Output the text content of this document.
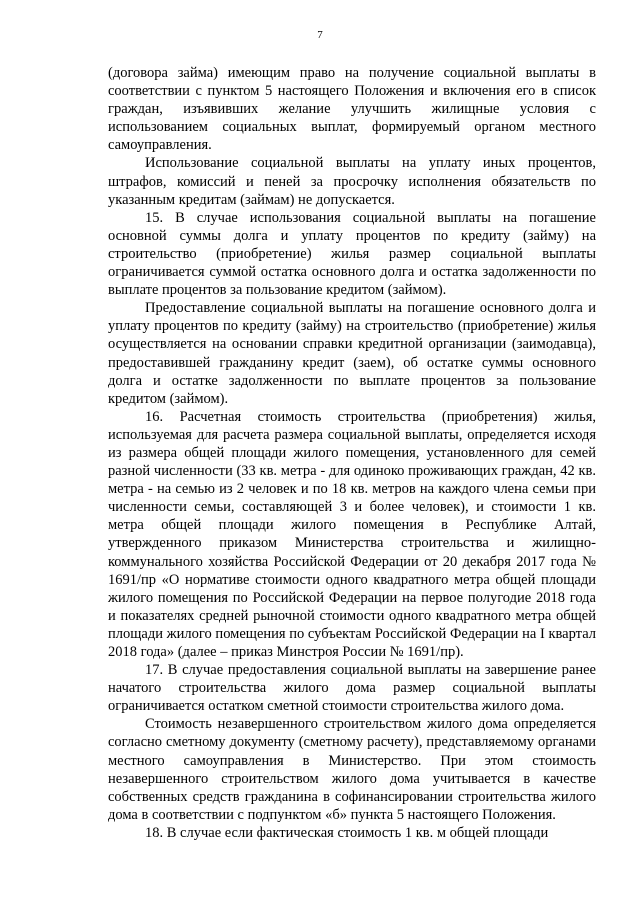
7

(договора займа) имеющим право на получение социальной выплаты в соответствии с пунктом 5 настоящего Положения и включения его в список граждан, изъявивших желание улучшить жилищные условия с использованием социальных выплат, формируемый органом местного самоуправления.

Использование социальной выплаты на уплату иных процентов, штрафов, комиссий и пеней за просрочку исполнения обязательств по указанным кредитам (займам) не допускается.

15. В случае использования социальной выплаты на погашение основной суммы долга и уплату процентов по кредиту (займу) на строительство (приобретение) жилья размер социальной выплаты ограничивается суммой остатка основного долга и остатка задолженности по выплате процентов за пользование кредитом (займом).

Предоставление социальной выплаты на погашение основного долга и уплату процентов по кредиту (займу) на строительство (приобретение) жилья осуществляется на основании справки кредитной организации (заимодавца), предоставившей гражданину кредит (заем), об остатке суммы основного долга и остатке задолженности по выплате процентов за пользование кредитом (займом).

16. Расчетная стоимость строительства (приобретения) жилья, используемая для расчета размера социальной выплаты, определяется исходя из размера общей площади жилого помещения, установленного для семей разной численности (33 кв. метра - для одиноко проживающих граждан, 42 кв. метра - на семью из 2 человек и по 18 кв. метров на каждого члена семьи при численности семьи, составляющей 3 и более человек), и стоимости 1 кв. метра общей площади жилого помещения в Республике Алтай, утвержденного приказом Министерства строительства и жилищно-коммунального хозяйства Российской Федерации от 20 декабря 2017 года № 1691/пр «О нормативе стоимости одного квадратного метра общей площади жилого помещения по Российской Федерации на первое полугодие 2018 года и показателях средней рыночной стоимости одного квадратного метра общей площади жилого помещения по субъектам Российской Федерации на I квартал 2018 года» (далее – приказ Минстроя России № 1691/пр).

17. В случае предоставления социальной выплаты на завершение ранее начатого строительства жилого дома размер социальной выплаты ограничивается остатком сметной стоимости строительства жилого дома.

Стоимость незавершенного строительством жилого дома определяется согласно сметному документу (сметному расчету), представляемому органами местного самоуправления в Министерство. При этом стоимость незавершенного строительством жилого дома учитывается в качестве собственных средств гражданина в софинансировании строительства жилого дома в соответствии с подпунктом «б» пункта 5 настоящего Положения.

18. В случае если фактическая стоимость 1 кв. м общей площади
